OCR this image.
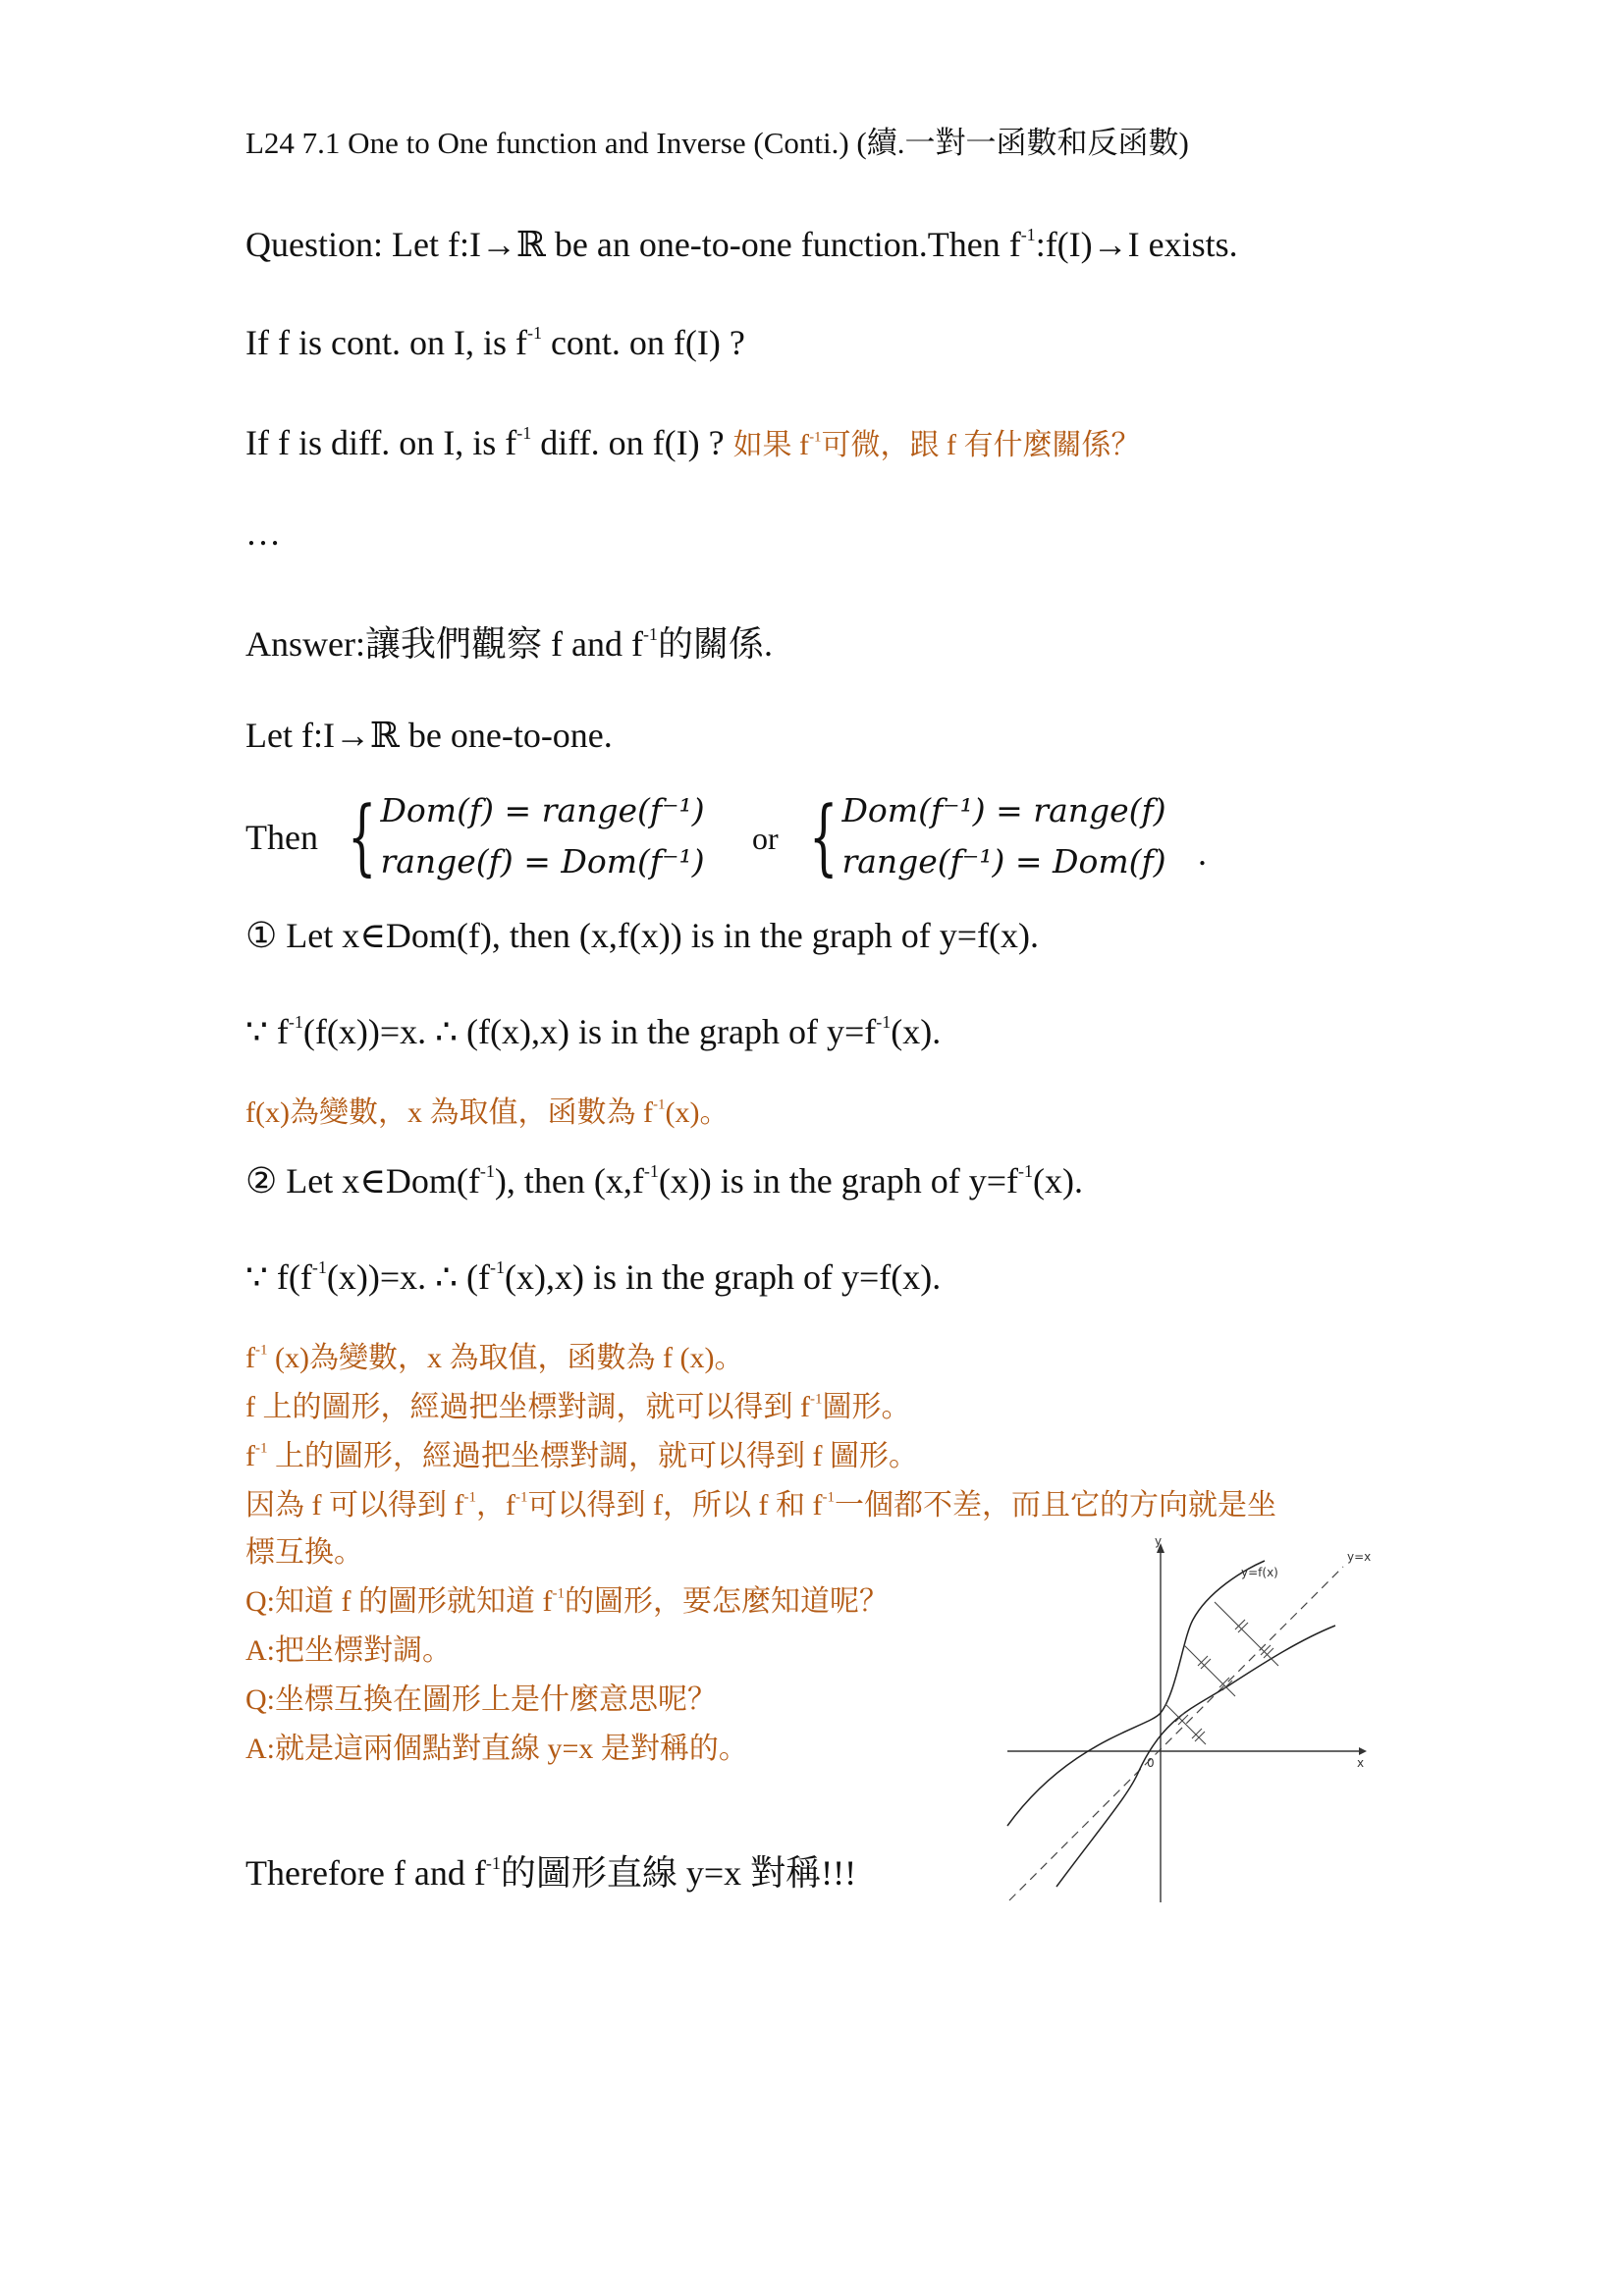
L24 7.1 One to One function and Inverse (Conti.) (續.一對一函數和反函數)
Question: Let f:I→ℝ be an one-to-one function.Then $f^{-1}:f(I)\to I$ exists.
If f is cont. on I, is $f^{-1}$ cont. on f(I) ?
If f is diff. on I, is $f^{-1}$ diff. on f(I) ? 如果 $f^{-1}$可微，跟 f 有什麼關係？
…
Answer:讓我們觀察 f and $f^{-1}$的關係.
Let f:I→ℝ be one-to-one.
Then { Dom(f) = range(f⁻¹)
range(f) = Dom(f⁻¹)
or { Dom(f⁻¹) = range(f)
range(f⁻¹) = Dom(f) .
① Let x∈Dom(f), then (x,f(x)) is in the graph of y=f(x).
∵ $f^{-1}(f(x))=x$. ∴ (f(x),x) is in the graph of $y=f^{-1}(x)$.
f(x)為變數，x 為取值，函數為 $f^{-1}(x)$。
② Let $x\in Dom(f^{-1})$, then $(x,f^{-1}(x))$ is in the graph of $y=f^{-1}(x)$.
∵ $f(f^{-1}(x))=x$. ∴ $(f^{-1}(x),x)$ is in the graph of y=f(x).
$f^{-1}$ (x)為變數，x 為取值，函數為 f (x)。
f 上的圖形，經過把坐標對調，就可以得到 $f^{-1}$圖形。
$f^{-1}$ 上的圖形，經過把坐標對調，就可以得到 f 圖形。
因為 f 可以得到 $f^{-1}$，$f^{-1}$可以得到 f，所以 f 和 $f^{-1}$一個都不差，而且它的方向就是坐
標互換。
Q:知道 f 的圖形就知道 $f^{-1}$的圖形，要怎麼知道呢？
A:把坐標對調。
Q:坐標互換在圖形上是什麼意思呢？
A:就是這兩個點對直線 y=x 是對稱的。
Therefore f and $f^{-1}$的圖形直線 y=x 對稱!!!
y
x
0
y=x
y=f(x)
